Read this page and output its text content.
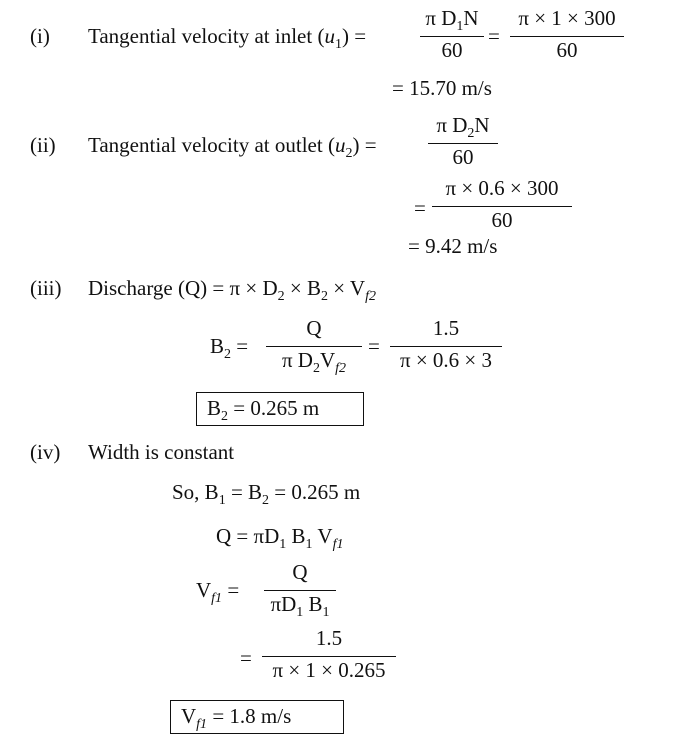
(i) Tangential velocity at inlet $(u_1)$ =
π $D_1N$
60
=
π × 1 × 300
60
= 15.70 m/s
(ii) Tangential velocity at outlet $(u_2)$ =
π $D_2N$
60
=
π × 0.6 × 300
60
= 9.42 m/s
(iii) Discharge $(Q) = \pi \times D_2 \times B_2 \times V_{f2}$
$B_2$ =
Q
π $D_2V_{f2}$
=
1.5
π × 0.6 × 3
$B_2 = 0.265$ m
(iv) Width is constant
So, $B_1 = B_2 = 0.265$ m
$Q = \pi D_1$ $B_1$ $V_{f1}$
$V_{f1}$ =
Q
$\pi D_1$ $B_1$
=
1.5
π × 1 × 0.265
$V_{f1} = 1.8$ m/s
